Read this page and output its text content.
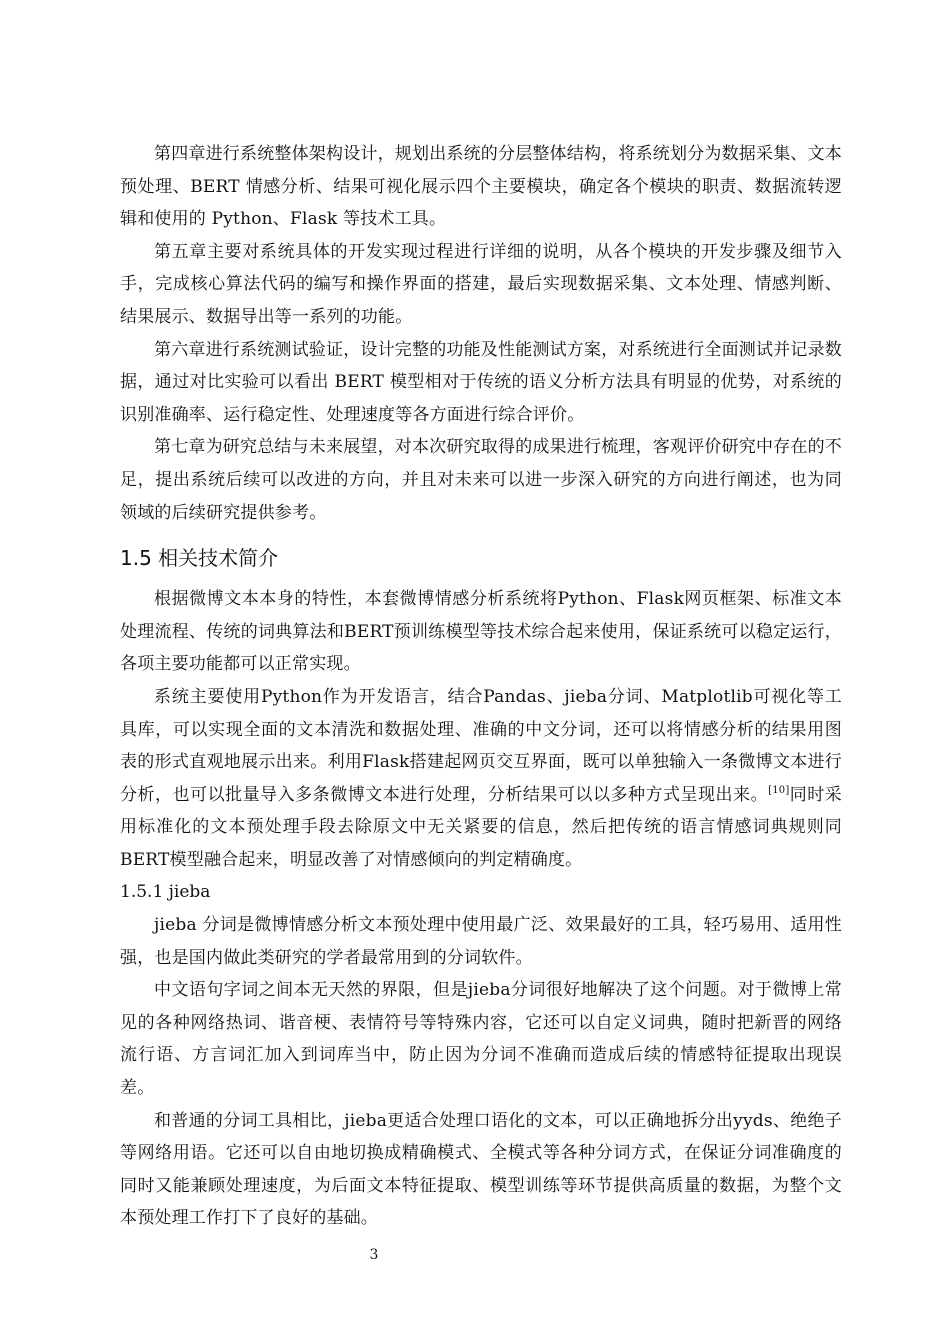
第四章进行系统整体架构设计，规划出系统的分层整体结构，将系统划分为数据采集、文本预处理、BERT 情感分析、结果可视化展示四个主要模块，确定各个模块的职责、数据流转逻辑和使用的 Python、Flask 等技术工具。

第五章主要对系统具体的开发实现过程进行详细的说明，从各个模块的开发步骤及细节入手，完成核心算法代码的编写和操作界面的搭建，最后实现数据采集、文本处理、情感判断、结果展示、数据导出等一系列的功能。

第六章进行系统测试验证，设计完整的功能及性能测试方案，对系统进行全面测试并记录数据，通过对比实验可以看出 BERT 模型相对于传统的语义分析方法具有明显的优势，对系统的识别准确率、运行稳定性、处理速度等各方面进行综合评价。

第七章为研究总结与未来展望，对本次研究取得的成果进行梳理，客观评价研究中存在的不足，提出系统后续可以改进的方向，并且对未来可以进一步深入研究的方向进行阐述，也为同领域的后续研究提供参考。

1.5 相关技术简介

根据微博文本本身的特性，本套微博情感分析系统将Python、Flask网页框架、标准文本处理流程、传统的词典算法和BERT预训练模型等技术综合起来使用，保证系统可以稳定运行，各项主要功能都可以正常实现。

系统主要使用Python作为开发语言，结合Pandas、jieba分词、Matplotlib可视化等工具库，可以实现全面的文本清洗和数据处理、准确的中文分词，还可以将情感分析的结果用图表的形式直观地展示出来。利用Flask搭建起网页交互界面，既可以单独输入一条微博文本进行分析，也可以批量导入多条微博文本进行处理，分析结果可以以多种方式呈现出来。[10]同时采用标准化的文本预处理手段去除原文中无关紧要的信息，然后把传统的语言情感词典规则同BERT模型融合起来，明显改善了对情感倾向的判定精确度。

1.5.1 jieba

jieba 分词是微博情感分析文本预处理中使用最广泛、效果最好的工具，轻巧易用、适用性强，也是国内做此类研究的学者最常用到的分词软件。

中文语句字词之间本无天然的界限，但是jieba分词很好地解决了这个问题。对于微博上常见的各种网络热词、谐音梗、表情符号等特殊内容，它还可以自定义词典，随时把新晋的网络流行语、方言词汇加入到词库当中，防止因为分词不准确而造成后续的情感特征提取出现误差。

和普通的分词工具相比，jieba更适合处理口语化的文本，可以正确地拆分出yyds、绝绝子等网络用语。它还可以自由地切换成精确模式、全模式等各种分词方式，在保证分词准确度的同时又能兼顾处理速度，为后面文本特征提取、模型训练等环节提供高质量的数据，为整个文本预处理工作打下了良好的基础。

3
